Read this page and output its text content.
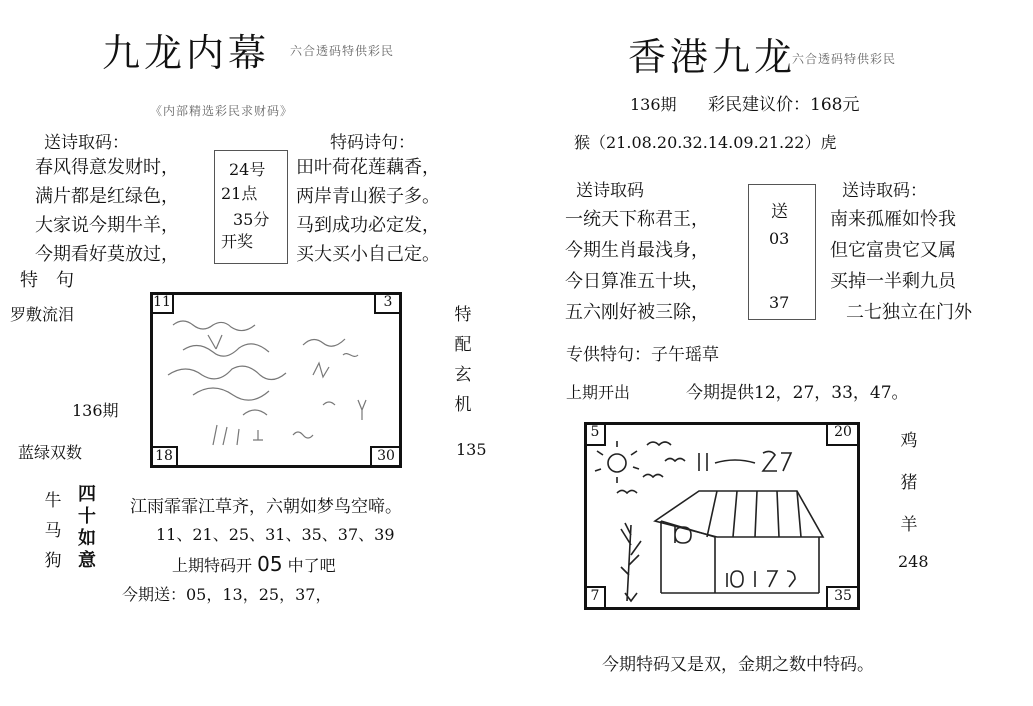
九龙内幕 六合透码特供彩民
《内部精选彩民求财码》
送诗取码：	特码诗句：
春风得意发财时，
满片都是红绿色，
大家说今期牛羊，
今期看好莫放过，
24号
21点
35分
开奖
田叶荷花莲藕香，
两岸青山猴子多。
马到成功必定发，
买大买小自己定。
特　句
罗敷流泪
136期
蓝绿双数
11	3
18	30
特
配
玄
机
135
牛
马
狗
四
十
如
意
江雨霏霏江草齐，六朝如梦鸟空啼。
11、21、25、31、35、37、39
上期特码开 05 中了吧
今期送：05，13，25，37，
香港九龙
六合透码特供彩民
136期 彩民建议价：168元
猴（21.08.20.32.14.09.21.22）虎
送诗取码	送诗取码：
一统天下称君王，
今期生肖最浅身，
今日算准五十块，
五六刚好被三除，
送
03
37
南来孤雁如怜我
但它富贵它又属
买掉一半剩九员
二七独立在门外
专供特句：子午瑶草
上期开出	今期提供12，27，33，47。
5	20
7	35
鸡
猪
羊
248
今期特码又是双，金期之数中特码。
